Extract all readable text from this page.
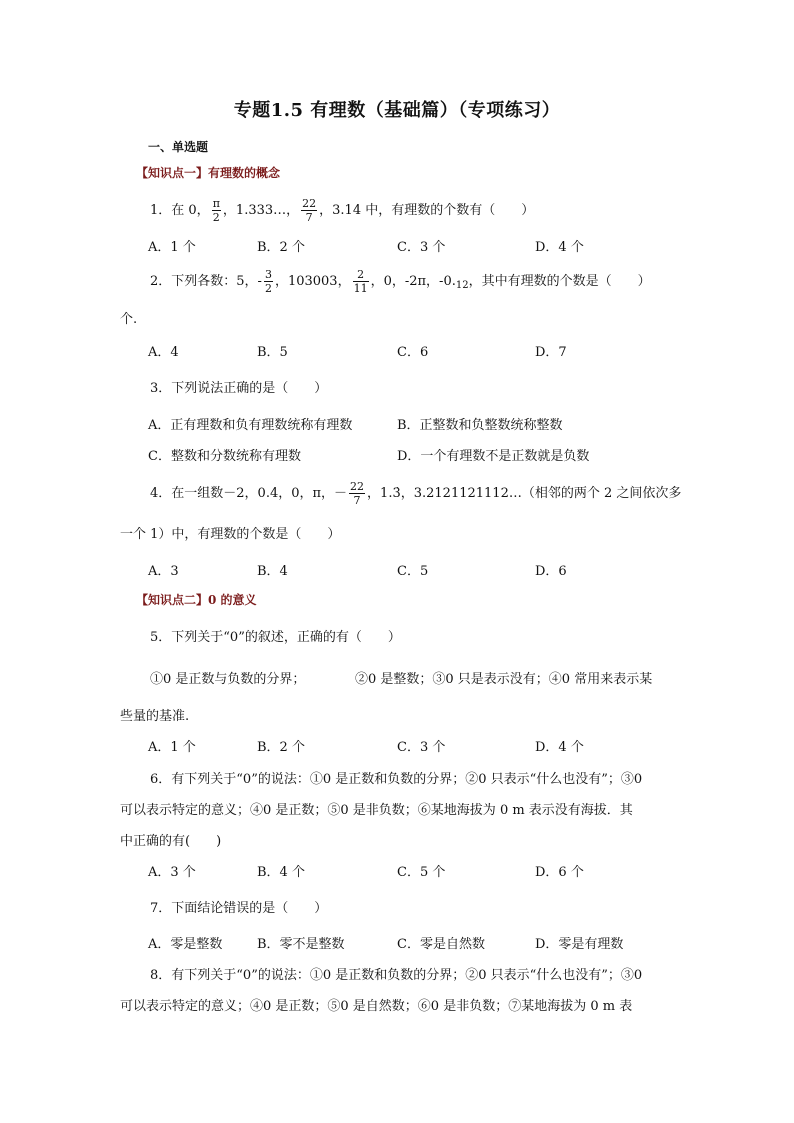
专题1.5 有理数（基础篇）（专项练习）
一、单选题
【知识点一】有理数的概念
1．在 0， $\frac{\pi}{2}$ ，1.333…， $\frac{22}{7}$ ，3.14 中，有理数的个数有（　　）
A．1 个	B．2 个	C．3 个	D．4 个
2．下列各数：5，- $\frac{3}{2}$ ，103003， $\frac{2}{11}$ ，0，-2π，$-0._{12}$，其中有理数的个数是（　　）
个.
A．4	B．5	C．6	D．7
3．下列说法正确的是（　　）
A．正有理数和负有理数统称有理数	B．正整数和负整数统称整数
C．整数和分数统称有理数	D．一个有理数不是正数就是负数
4．在一组数－2，0.4，0，π，－ $\frac{22}{7}$ ，1.3̇，3.2121121112…（相邻的两个 2 之间依次多
一个 1）中，有理数的个数是（　　）
A．3	B．4	C．5	D．6
【知识点二】0 的意义
5．下列关于“0”的叙述，正确的有（　　）
①0 是正数与负数的分界；	②0 是整数；③0 只是表示没有；④0 常用来表示某
些量的基准.
A．1 个	B．2 个	C．3 个	D．4 个
6．有下列关于“0”的说法：①0 是正数和负数的分界；②0 只表示“什么也没有”；③0
可以表示特定的意义；④0 是正数；⑤0 是非负数；⑥某地海拔为 0 m 表示没有海拔．其
中正确的有(　　)
A．3 个	B．4 个	C．5 个	D．6 个
7．下面结论错误的是（　　）
A．零是整数	B．零不是整数	C．零是自然数	D．零是有理数
8．有下列关于“0”的说法：①0 是正数和负数的分界；②0 只表示“什么也没有”；③0
可以表示特定的意义；④0 是正数；⑤0 是自然数；⑥0 是非负数；⑦某地海拔为 0 m 表
